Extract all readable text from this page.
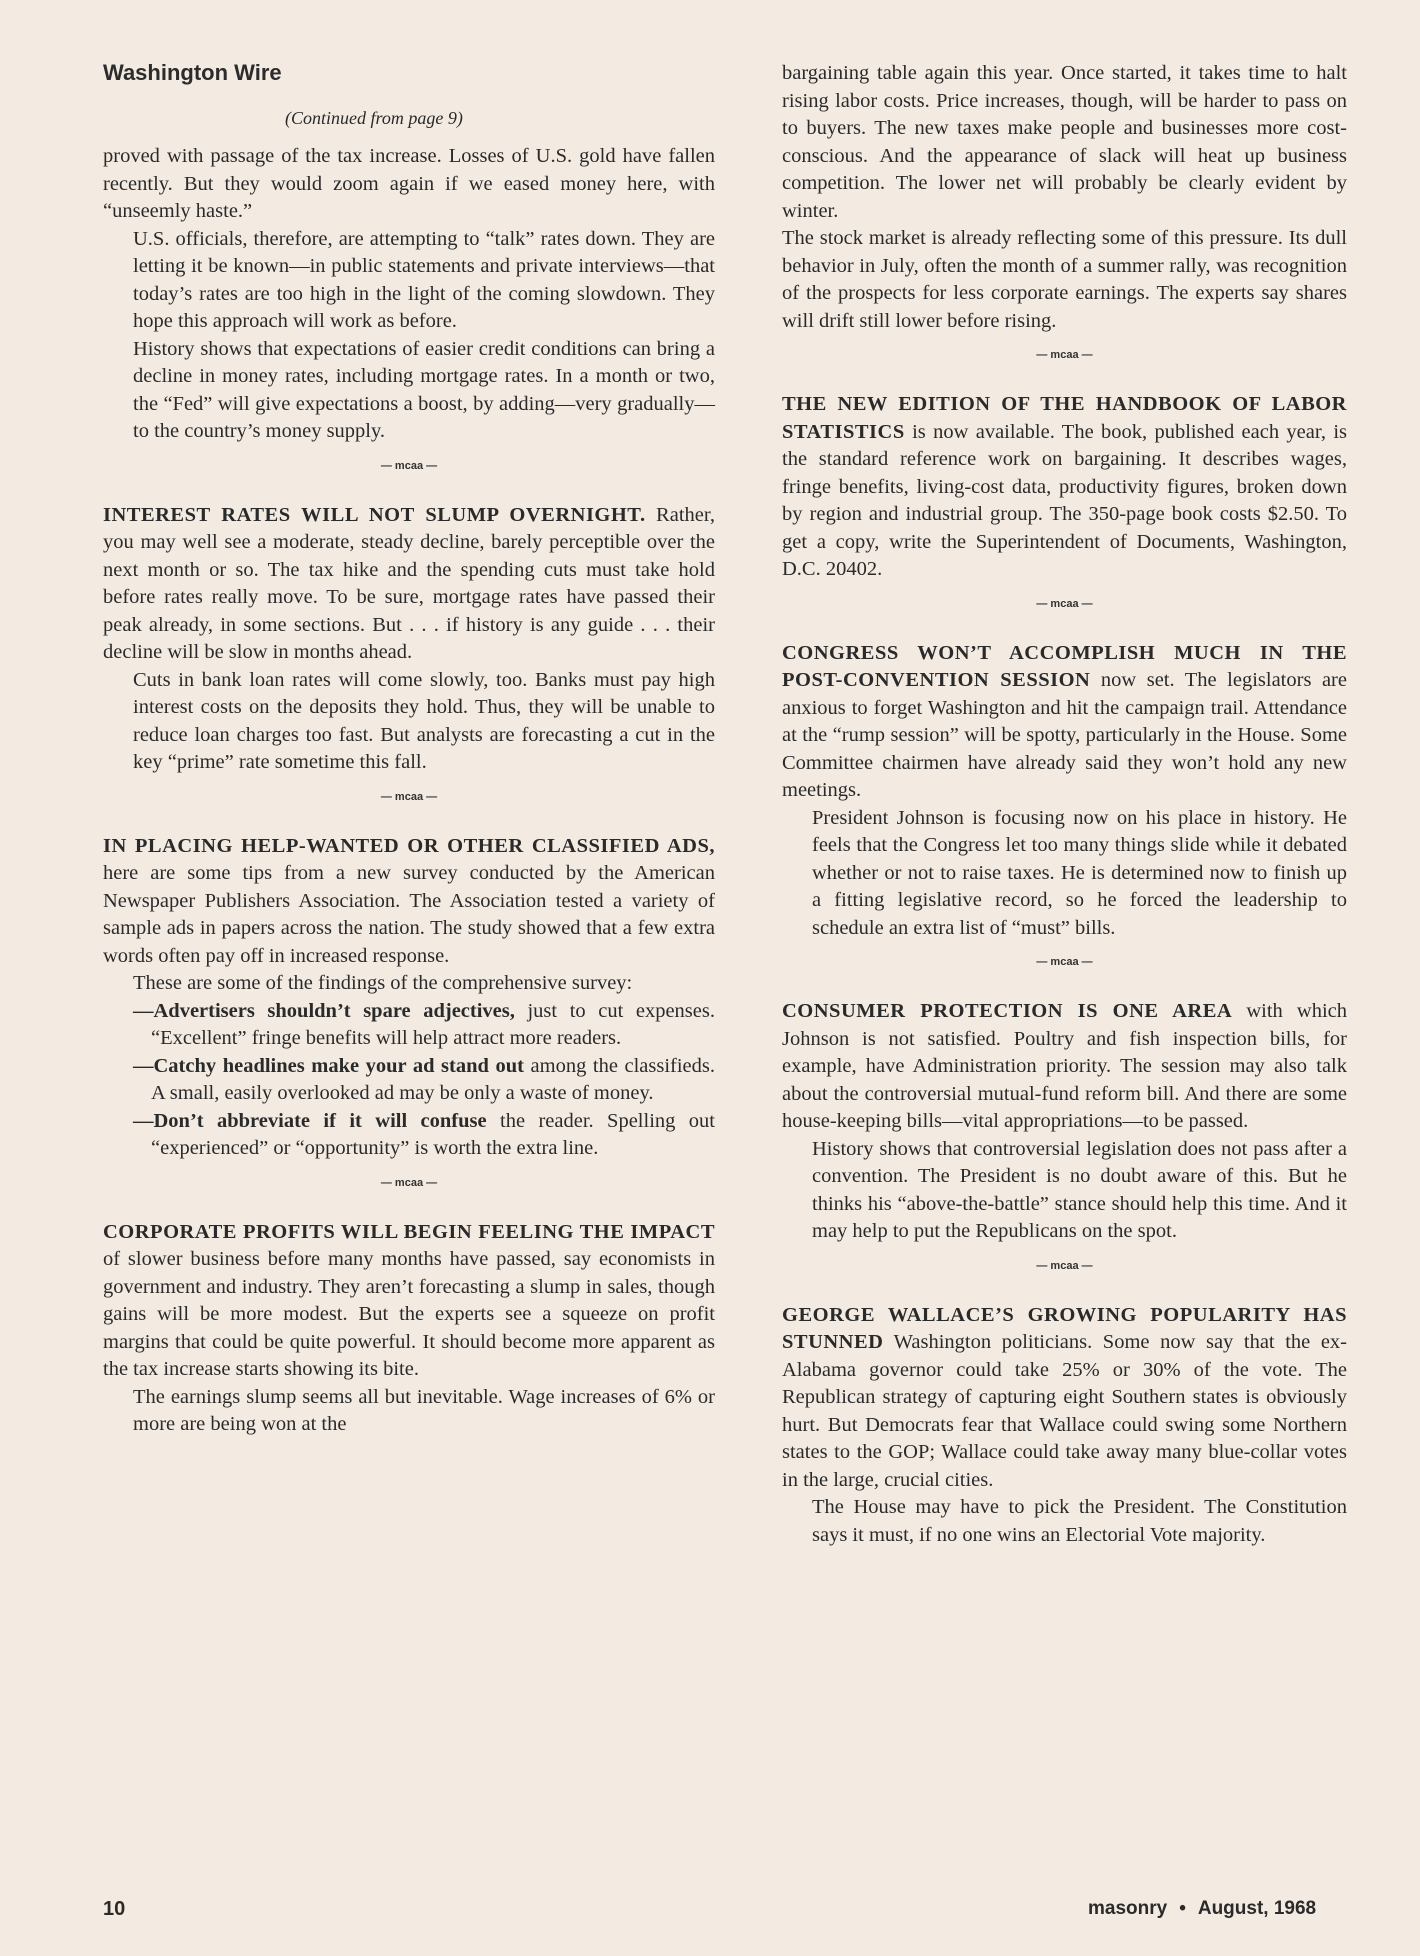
Washington Wire
(Continued from page 9)

proved with passage of the tax increase. Losses of U.S. gold have fallen recently. But they would zoom again if we eased money here, with “unseemly haste.”

U.S. officials, therefore, are attempting to “talk” rates down. They are letting it be known—in public statements and private interviews—that today’s rates are too high in the light of the coming slowdown. They hope this approach will work as before.

History shows that expectations of easier credit conditions can bring a decline in money rates, including mortgage rates. In a month or two, the “Fed” will give expectations a boost, by adding—very gradually—to the country’s money supply.

— mcaa —

INTEREST RATES WILL NOT SLUMP OVERNIGHT. Rather, you may well see a moderate, steady decline, barely perceptible over the next month or so. The tax hike and the spending cuts must take hold before rates really move. To be sure, mortgage rates have passed their peak already, in some sections. But . . . if history is any guide . . . their decline will be slow in months ahead.

Cuts in bank loan rates will come slowly, too. Banks must pay high interest costs on the deposits they hold. Thus, they will be unable to reduce loan charges too fast. But analysts are forecasting a cut in the key “prime” rate sometime this fall.

— mcaa —

IN PLACING HELP-WANTED OR OTHER CLASSIFIED ADS, here are some tips from a new survey conducted by the American Newspaper Publishers Association. The Association tested a variety of sample ads in papers across the nation. The study showed that a few extra words often pay off in increased response.

These are some of the findings of the comprehensive survey:

—Advertisers shouldn’t spare adjectives, just to cut expenses. “Excellent” fringe benefits will help attract more readers.

—Catchy headlines make your ad stand out among the classifieds. A small, easily overlooked ad may be only a waste of money.

—Don’t abbreviate if it will confuse the reader. Spelling out “experienced” or “opportunity” is worth the extra line.

— mcaa —

CORPORATE PROFITS WILL BEGIN FEELING THE IMPACT of slower business before many months have passed, say economists in government and industry. They aren’t forecasting a slump in sales, though gains will be more modest. But the experts see a squeeze on profit margins that could be quite powerful. It should become more apparent as the tax increase starts showing its bite.

The earnings slump seems all but inevitable. Wage increases of 6% or more are being won at the

bargaining table again this year. Once started, it takes time to halt rising labor costs. Price increases, though, will be harder to pass on to buyers. The new taxes make people and businesses more cost-conscious. And the appearance of slack will heat up business competition. The lower net will probably be clearly evident by winter.

The stock market is already reflecting some of this pressure. Its dull behavior in July, often the month of a summer rally, was recognition of the prospects for less corporate earnings. The experts say shares will drift still lower before rising.

— mcaa —

THE NEW EDITION OF THE HANDBOOK OF LABOR STATISTICS is now available. The book, published each year, is the standard reference work on bargaining. It describes wages, fringe benefits, living-cost data, productivity figures, broken down by region and industrial group. The 350-page book costs $2.50. To get a copy, write the Superintendent of Documents, Washington, D.C. 20402.

— mcaa —

CONGRESS WON’T ACCOMPLISH MUCH IN THE POST-CONVENTION SESSION now set. The legislators are anxious to forget Washington and hit the campaign trail. Attendance at the “rump session” will be spotty, particularly in the House. Some Committee chairmen have already said they won’t hold any new meetings.

President Johnson is focusing now on his place in history. He feels that the Congress let too many things slide while it debated whether or not to raise taxes. He is determined now to finish up a fitting legislative record, so he forced the leadership to schedule an extra list of “must” bills.

— mcaa —

CONSUMER PROTECTION IS ONE AREA with which Johnson is not satisfied. Poultry and fish inspection bills, for example, have Administration priority. The session may also talk about the controversial mutual-fund reform bill. And there are some house-keeping bills—vital appropriations—to be passed.

History shows that controversial legislation does not pass after a convention. The President is no doubt aware of this. But he thinks his “above-the-battle” stance should help this time. And it may help to put the Republicans on the spot.

— mcaa —

GEORGE WALLACE’S GROWING POPULARITY HAS STUNNED Washington politicians. Some now say that the ex-Alabama governor could take 25% or 30% of the vote. The Republican strategy of capturing eight Southern states is obviously hurt. But Democrats fear that Wallace could swing some Northern states to the GOP; Wallace could take away many blue-collar votes in the large, crucial cities.

The House may have to pick the President. The Constitution says it must, if no one wins an Electorial Vote majority.

10	masonry • August, 1968
